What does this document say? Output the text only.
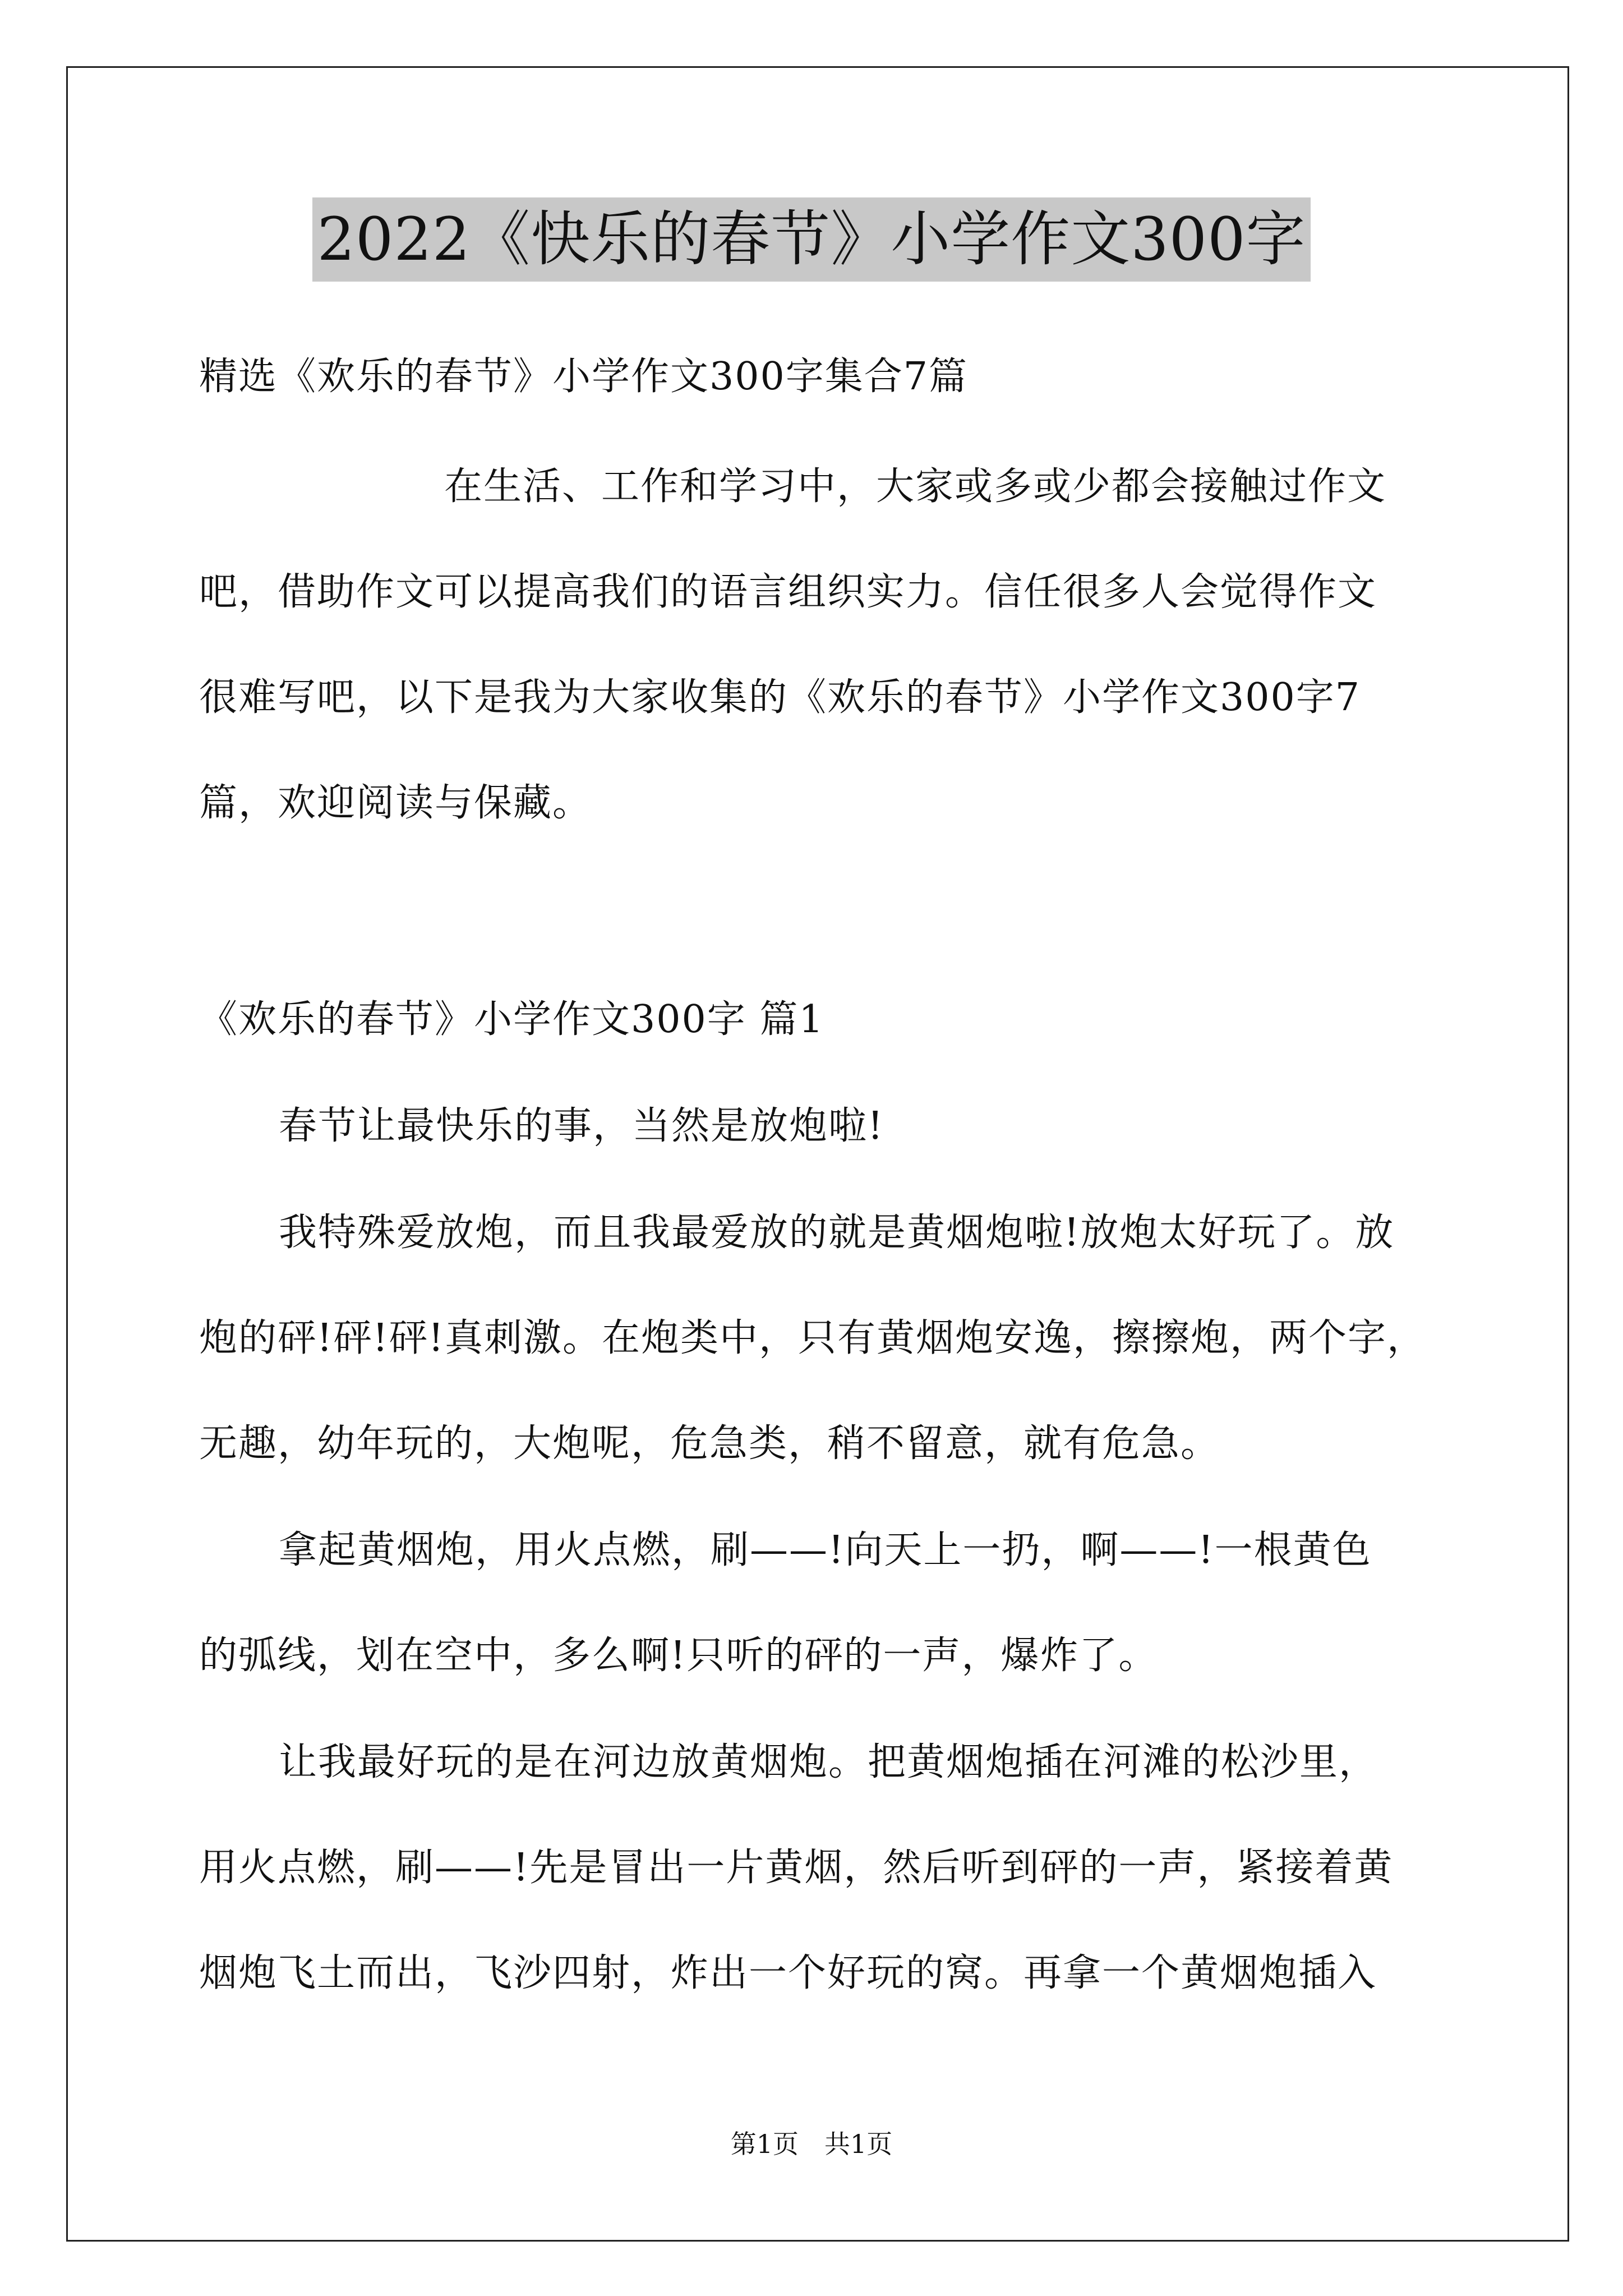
2022《快乐的春节》小学作文300字
精选《欢乐的春节》小学作文300字集合7篇
在生活、工作和学习中，大家或多或少都会接触过作文
吧，借助作文可以提高我们的语言组织实力。信任很多人会觉得作文
很难写吧，以下是我为大家收集的《欢乐的春节》小学作文300字7
篇，欢迎阅读与保藏。
《欢乐的春节》小学作文300字 篇1
春节让最快乐的事，当然是放炮啦!
我特殊爱放炮，而且我最爱放的就是黄烟炮啦!放炮太好玩了。放
炮的砰!砰!砰!真刺激。在炮类中，只有黄烟炮安逸，擦擦炮，两个字，
无趣，幼年玩的，大炮呢，危急类，稍不留意，就有危急。
拿起黄烟炮，用火点燃，刷——!向天上一扔，啊——!一根黄色
的弧线，划在空中，多么啊!只听的砰的一声，爆炸了。
让我最好玩的是在河边放黄烟炮。把黄烟炮插在河滩的松沙里，
用火点燃，刷——!先是冒出一片黄烟，然后听到砰的一声，紧接着黄
烟炮飞土而出，飞沙四射，炸出一个好玩的窝。再拿一个黄烟炮插入
第1页　共1页
